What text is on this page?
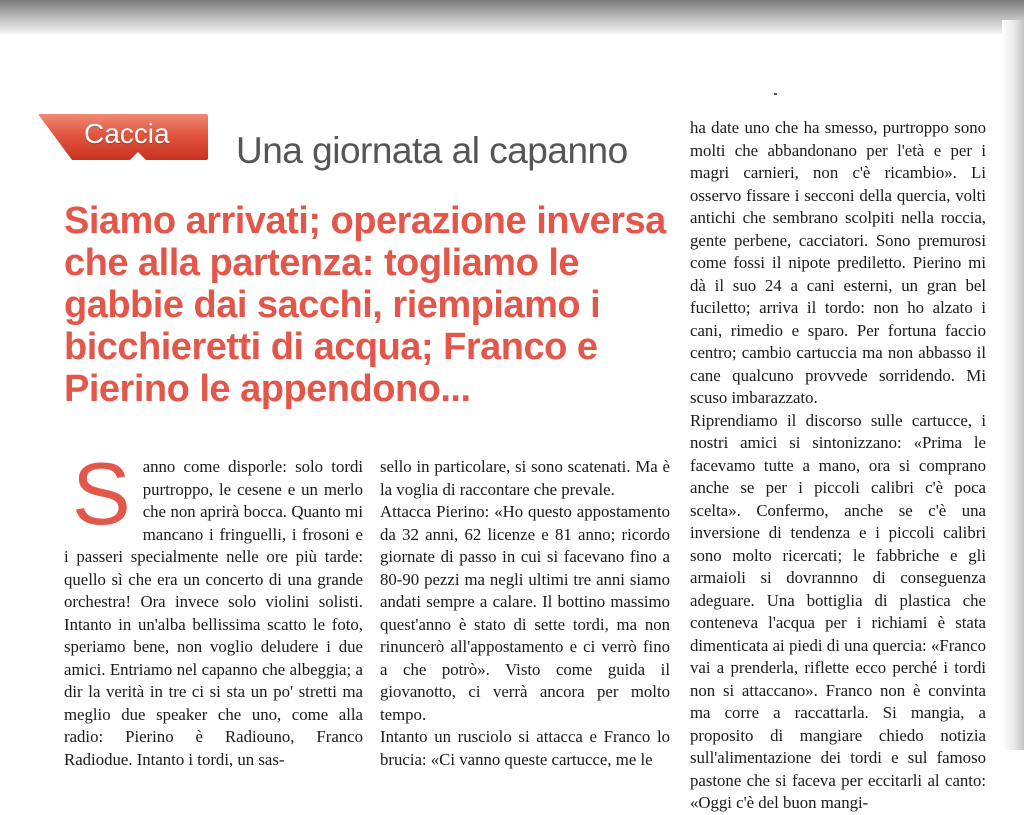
Caccia	Una giornata al capanno
Siamo arrivati; operazione inversa che alla partenza: togliamo le gabbie dai sacchi, riempiamo i bicchieretti di acqua; Franco e Pierino le appendono...

Sanno come disporle: solo tordi purtroppo, le cesene e un merlo che non aprirà bocca. Quanto mi mancano i fringuelli, i frosoni e i passeri specialmente nelle ore più tarde: quello sì che era un concerto di una grande orchestra! Ora invece solo violini solisti. Intanto in un'alba bellissima scatto le foto, speriamo bene, non voglio deludere i due amici. Entriamo nel capanno che albeggia; a dir la verità in tre ci si sta un po' stretti ma meglio due speaker che uno, come alla radio: Pierino è Radiouno, Franco Radiodue. Intanto i tordi, un sas-

sello in particolare, si sono scatenati. Ma è la voglia di raccontare che prevale.

Attacca Pierino: «Ho questo appostamento da 32 anni, 62 licenze e 81 anno; ricordo giornate di passo in cui si facevano fino a 80-90 pezzi ma negli ultimi tre anni siamo andati sempre a calare. Il bottino massimo quest'anno è stato di sette tordi, ma non rinuncerò all'appostamento e ci verrò fino a che potrò». Visto come guida il giovanotto, ci verrà ancora per molto tempo.

Intanto un rusciolo si attacca e Franco lo brucia: «Ci vanno queste cartucce, me le

ha date uno che ha smesso, purtroppo sono molti che abbandonano per l'età e per i magri carnieri, non c'è ricambio». Li osservo fissare i secconi della quercia, volti antichi che sembrano scolpiti nella roccia, gente perbene, cacciatori. Sono premurosi come fossi il nipote prediletto. Pierino mi dà il suo 24 a cani esterni, un gran bel fuciletto; arriva il tordo: non ho alzato i cani, rimedio e sparo. Per fortuna faccio centro; cambio cartuccia ma non abbasso il cane qualcuno provvede sorridendo. Mi scuso imbarazzato.

Riprendiamo il discorso sulle cartucce, i nostri amici si sintonizzano: «Prima le facevamo tutte a mano, ora si comprano anche se per i piccoli calibri c'è poca scelta». Confermo, anche se c'è una inversione di tendenza e i piccoli calibri sono molto ricercati; le fabbriche e gli armaioli si dovrannno di conseguenza adeguare. Una bottiglia di plastica che conteneva l'acqua per i richiami è stata dimenticata ai piedi di una quercia: «Franco vai a prenderla, riflette ecco perché i tordi non si attaccano». Franco non è convinta ma corre a raccattarla. Si mangia, a proposito di mangiare chiedo notizia sull'alimentazione dei tordi e sul famoso pastone che si faceva per eccitarli al canto: «Oggi c'è del buon mangi-
